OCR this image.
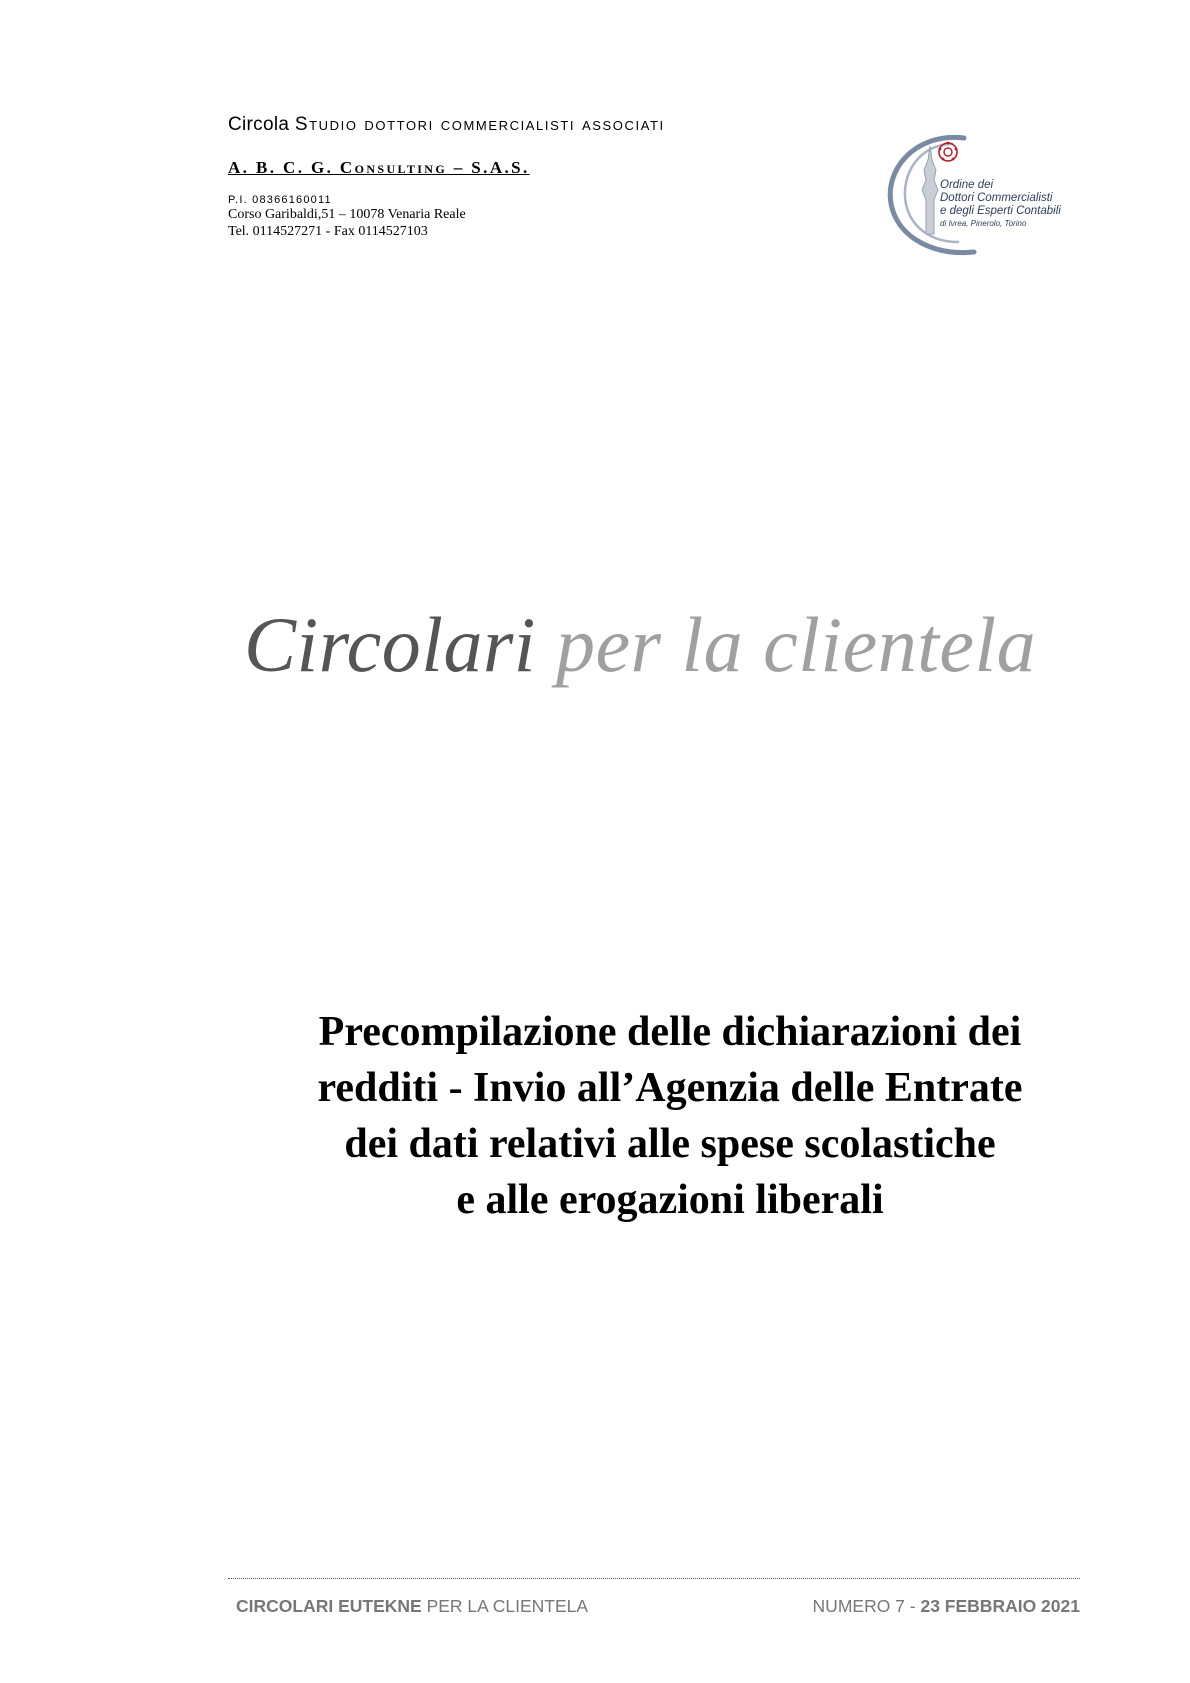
Circola Studio dottori commercialisti associati

A. B. C. G. Consulting – S.A.S.
P.I. 08366160011
Corso Garibaldi,51 – 10078 Venaria Reale
Tel. 0114527271 - Fax 0114527103
Ordine dei
Dottori Commercialisti
e degli Esperti Contabili
di Ivrea, Pinerolo, Torino
Circolari per la clientela
Precompilazione delle dichiarazioni dei
redditi - Invio all’Agenzia delle Entrate
dei dati relativi alle spese scolastiche
e alle erogazioni liberali
CIRCOLARI EUTEKNE PER LA CLIENTELA	NUMERO 7 - 23 FEBBRAIO 2021
